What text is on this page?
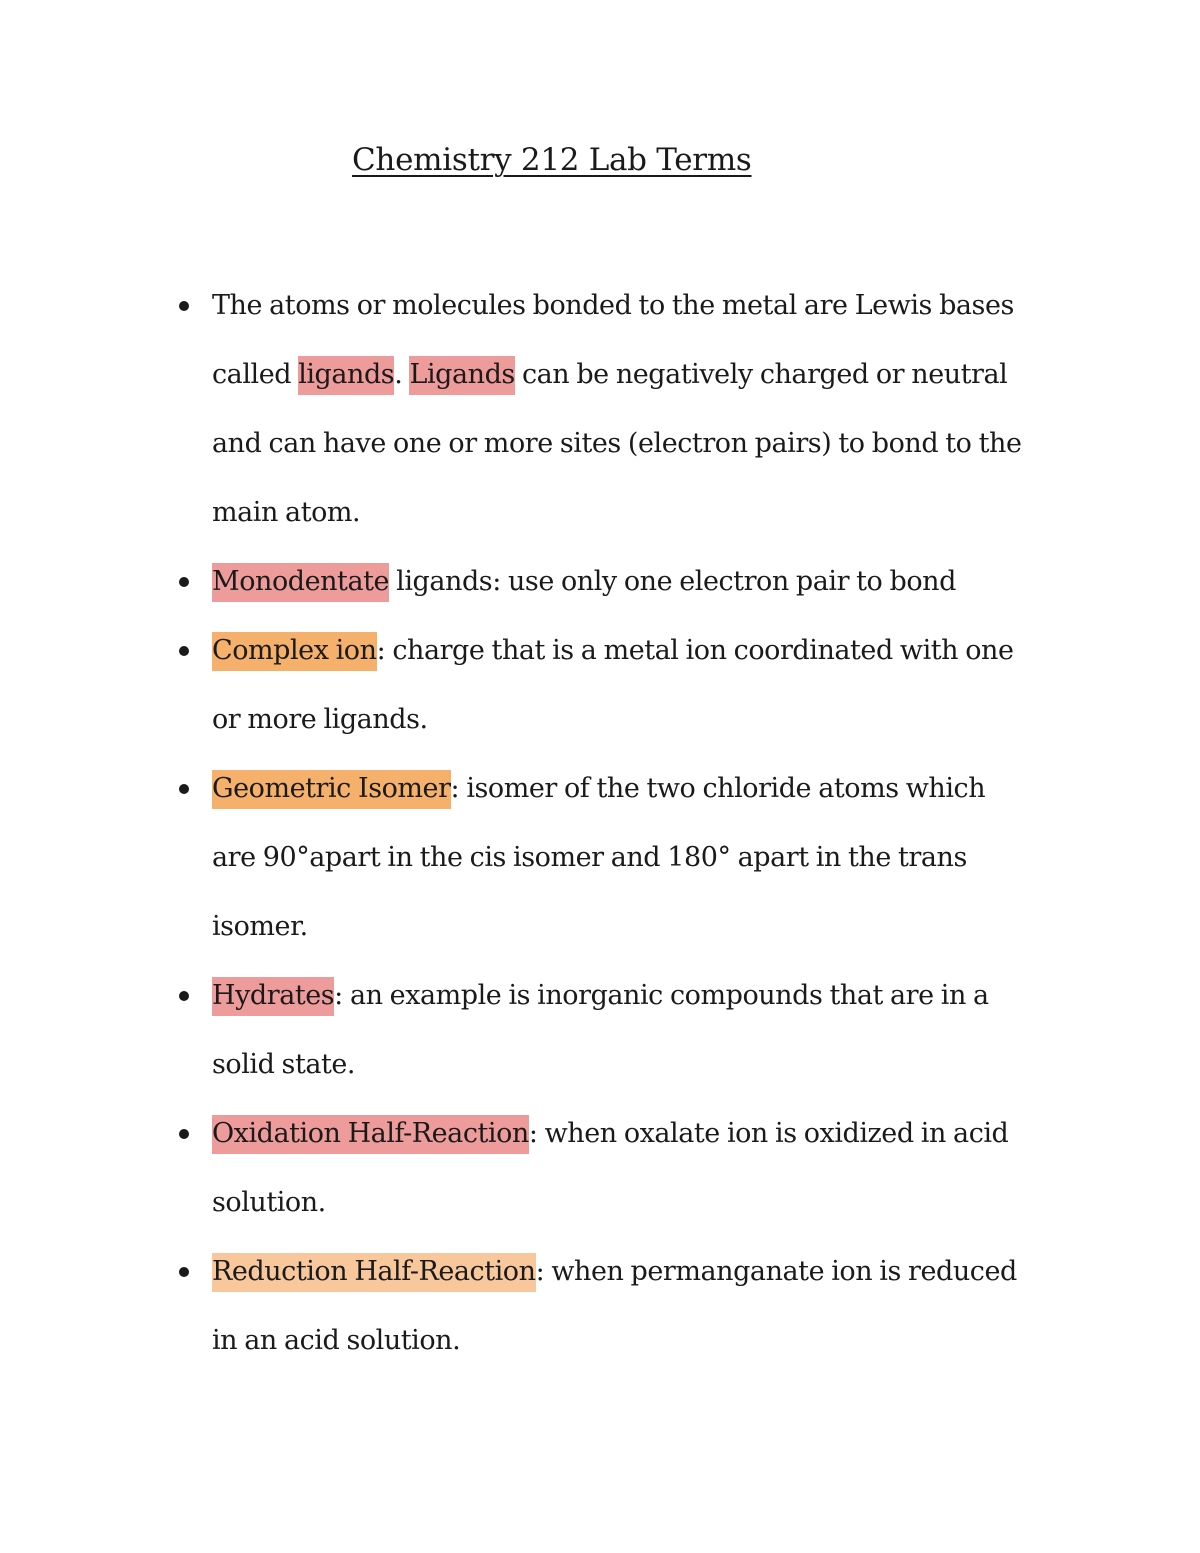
Chemistry 212 Lab Terms
The atoms or molecules bonded to the metal are Lewis bases
called ligands. Ligands can be negatively charged or neutral
and can have one or more sites (electron pairs) to bond to the
main atom.
Monodentate ligands: use only one electron pair to bond
Complex ion: charge that is a metal ion coordinated with one
or more ligands.
Geometric Isomer: isomer of the two chloride atoms which
are 90°apart in the cis isomer and 180° apart in the trans
isomer.
Hydrates: an example is inorganic compounds that are in a
solid state.
Oxidation Half-Reaction: when oxalate ion is oxidized in acid
solution.
Reduction Half-Reaction: when permanganate ion is reduced
in an acid solution.
